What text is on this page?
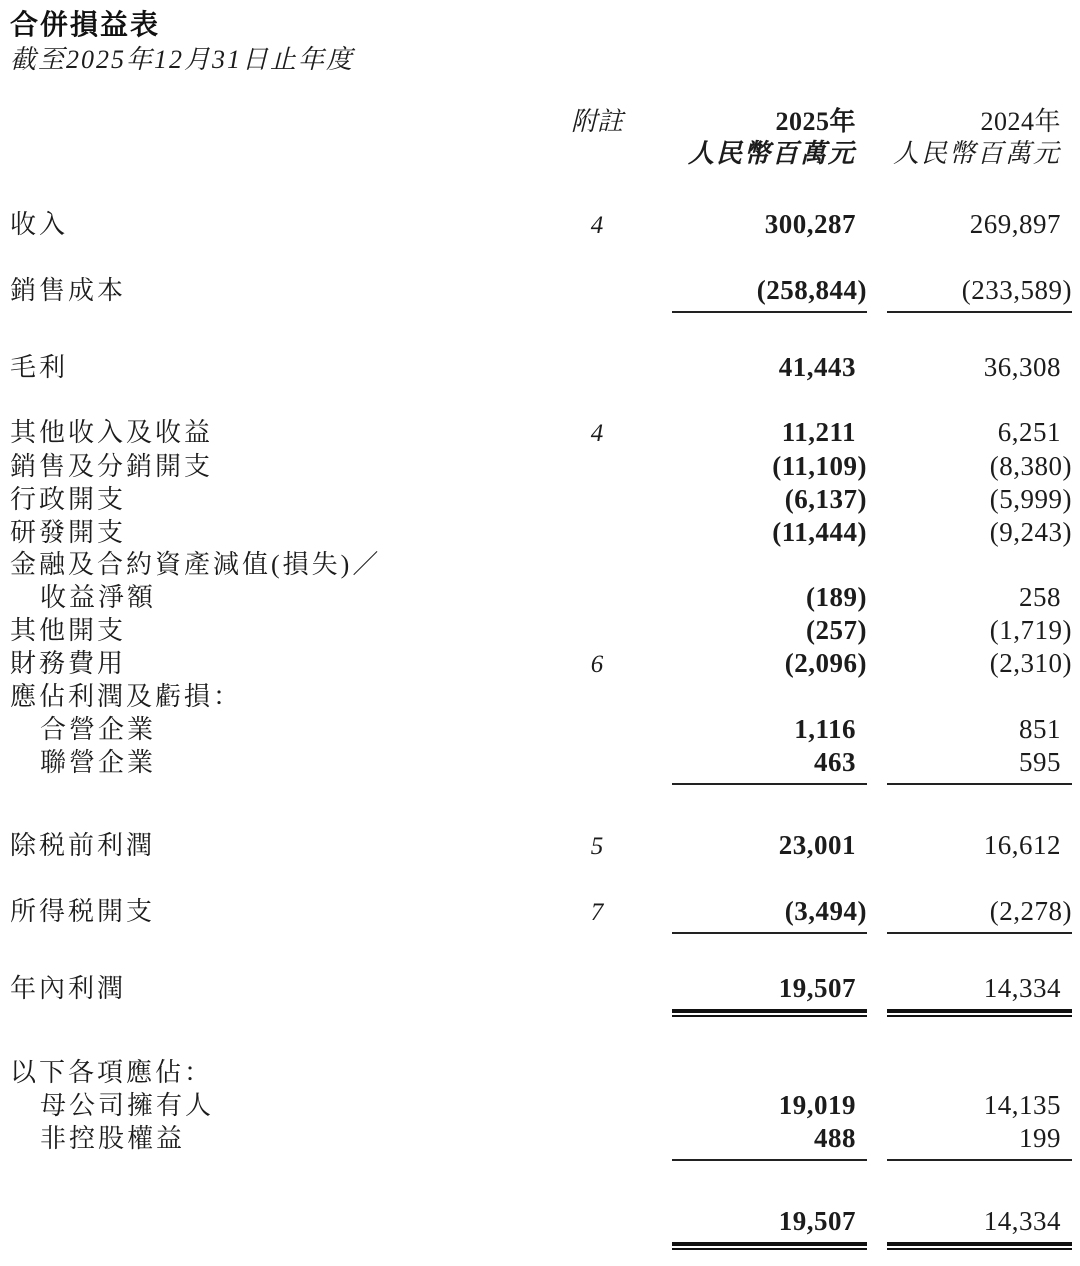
合併損益表
截至2025年12月31日止年度
附註	2025年	2024年
人民幣百萬元	人民幣百萬元
收入	4	300,287	269,897
銷售成本	(258,844)	(233,589)
毛利	41,443	36,308
其他收入及收益	4	11,211	6,251
銷售及分銷開支	(11,109)	(8,380)
行政開支	(6,137)	(5,999)
研發開支	(11,444)	(9,243)
金融及合約資產減值(損失)／
收益淨額	(189)	258
其他開支	(257)	(1,719)
財務費用	6	(2,096)	(2,310)
應佔利潤及虧損：
合營企業	1,116	851
聯營企業	463	595
除税前利潤	5	23,001	16,612
所得税開支	7	(3,494)	(2,278)
年內利潤	19,507	14,334
以下各項應佔：
母公司擁有人	19,019	14,135
非控股權益	488	199
19,507	14,334
